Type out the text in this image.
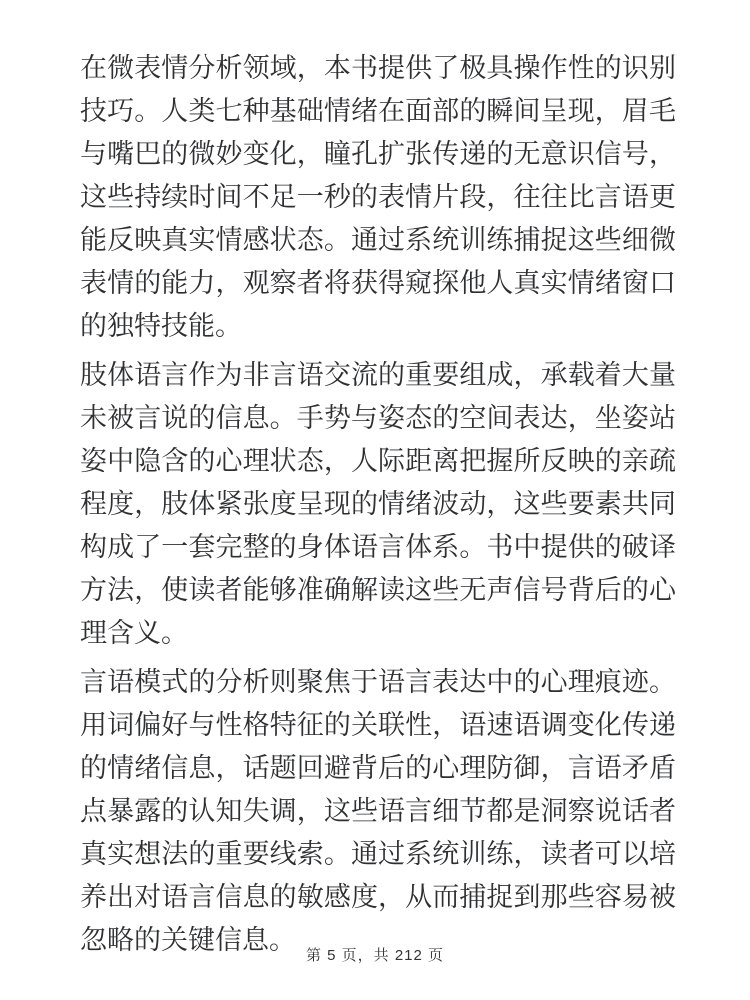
在微表情分析领域，本书提供了极具操作性的识别技巧。人类七种基础情绪在面部的瞬间呈现，眉毛与嘴巴的微妙变化，瞳孔扩张传递的无意识信号，这些持续时间不足一秒的表情片段，往往比言语更能反映真实情感状态。通过系统训练捕捉这些细微表情的能力，观察者将获得窥探他人真实情绪窗口的独特技能。

肢体语言作为非言语交流的重要组成，承载着大量未被言说的信息。手势与姿态的空间表达，坐姿站姿中隐含的心理状态，人际距离把握所反映的亲疏程度，肢体紧张度呈现的情绪波动，这些要素共同构成了一套完整的身体语言体系。书中提供的破译方法，使读者能够准确解读这些无声信号背后的心理含义。

言语模式的分析则聚焦于语言表达中的心理痕迹。用词偏好与性格特征的关联性，语速语调变化传递的情绪信息，话题回避背后的心理防御，言语矛盾点暴露的认知失调，这些语言细节都是洞察说话者真实想法的重要线索。通过系统训练，读者可以培养出对语言信息的敏感度，从而捕捉到那些容易被忽略的关键信息。

第 5 页，共 212 页
